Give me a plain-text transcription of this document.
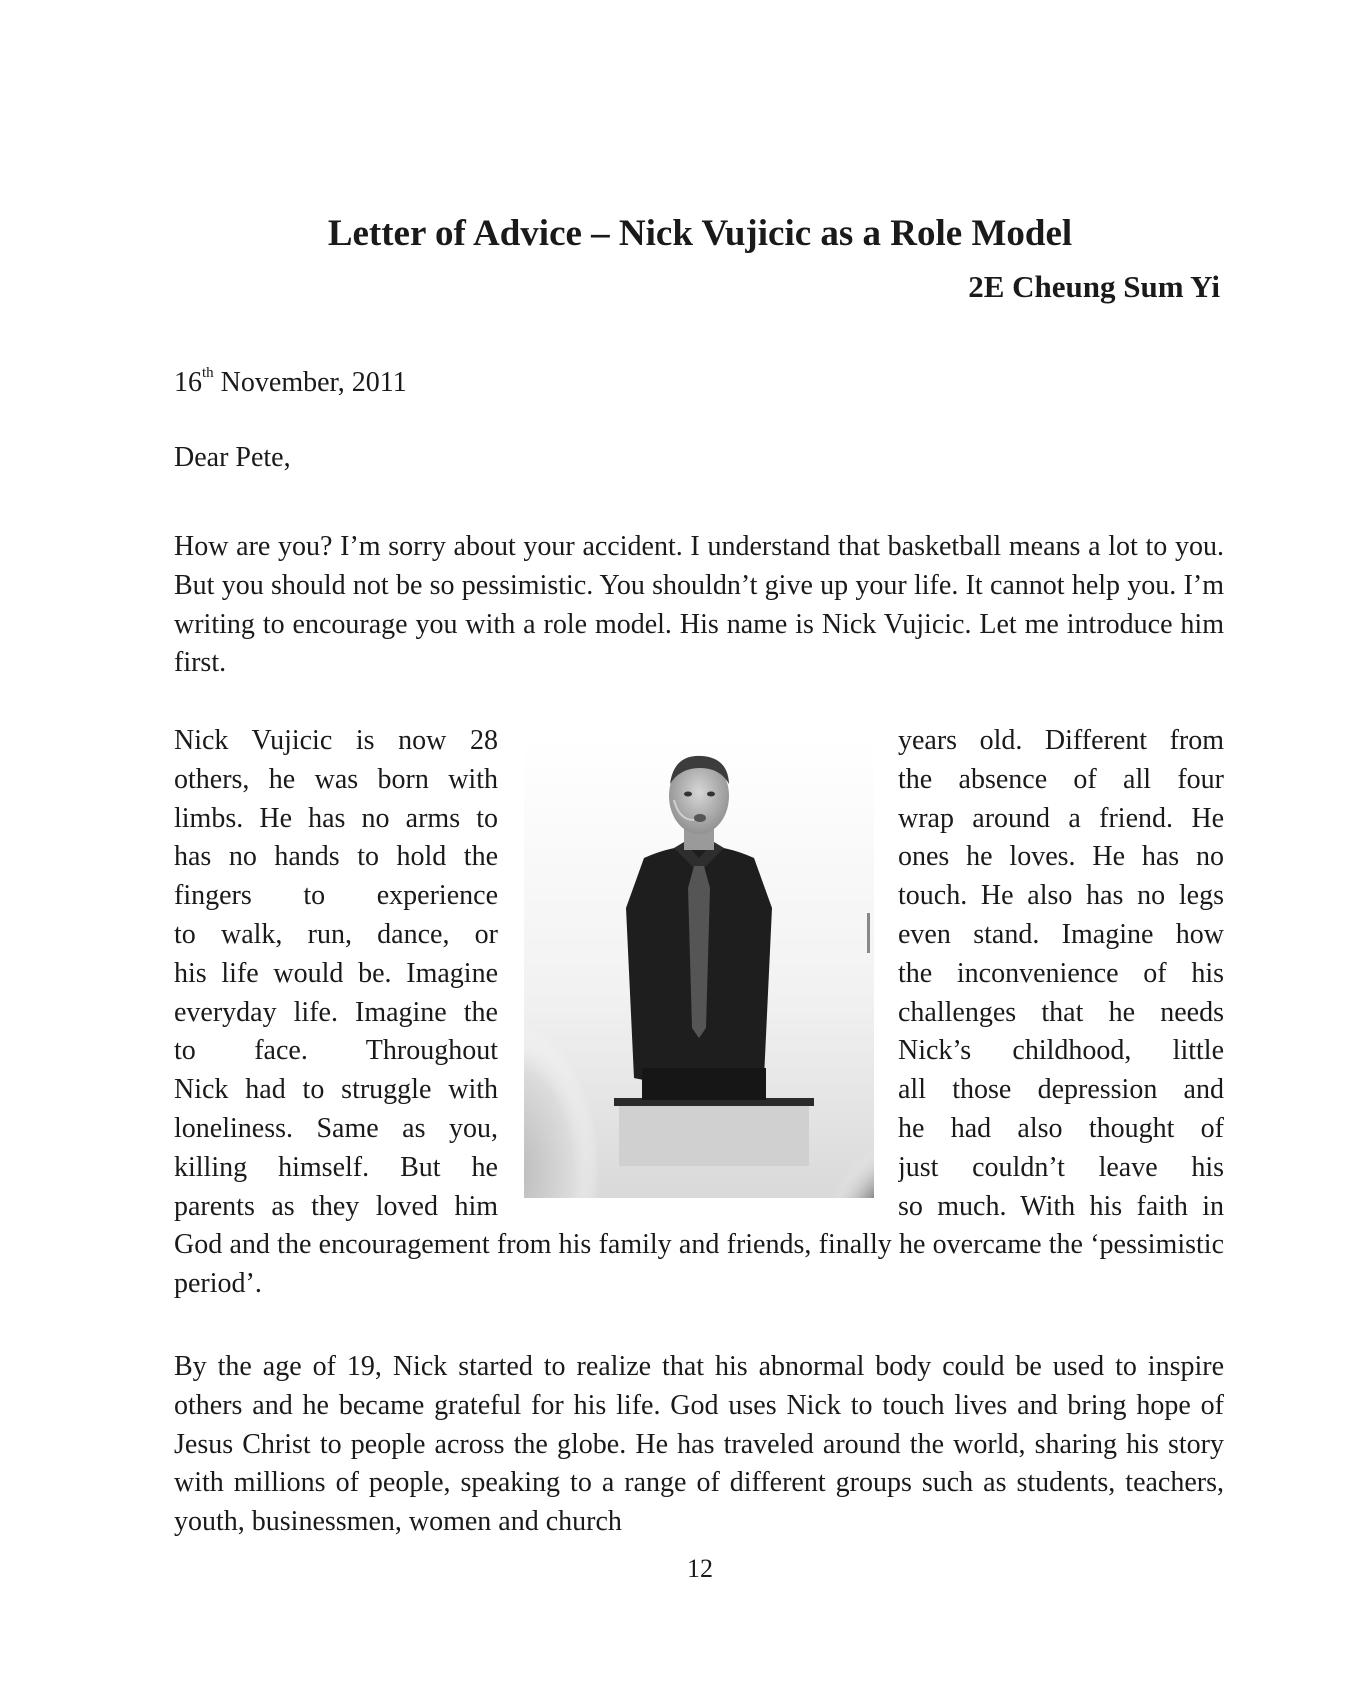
Letter of Advice – Nick Vujicic as a Role Model
2E Cheung Sum Yi
16th November, 2011
Dear Pete,

How are you? I’m sorry about your accident. I understand that basketball means a lot to you. But you should not be so pessimistic. You shouldn’t give up your life. It cannot help you. I’m writing to encourage you with a role model. His name is Nick Vujicic. Let me introduce him first.

Nick Vujicic is now 28
others, he was born with
limbs. He has no arms to
has no hands to hold the
fingers to experience
to walk, run, dance, or
his life would be. Imagine
everyday life. Imagine the
to face. Throughout
Nick had to struggle with
loneliness. Same as you,
killing himself. But he
parents as they loved him
years old. Different from
the absence of all four
wrap around a friend. He
ones he loves. He has no
touch. He also has no legs
even stand. Imagine how
the inconvenience of his
challenges that he needs
Nick’s childhood, little
all those depression and
he had also thought of
just couldn’t leave his
so much. With his faith in

God and the encouragement from his family and friends, finally he overcame the ‘pessimistic period’.

By the age of 19, Nick started to realize that his abnormal body could be used to inspire others and he became grateful for his life. God uses Nick to touch lives and bring hope of Jesus Christ to people across the globe. He has traveled around the world, sharing his story with millions of people, speaking to a range of different groups such as students, teachers, youth, businessmen, women and church

12
